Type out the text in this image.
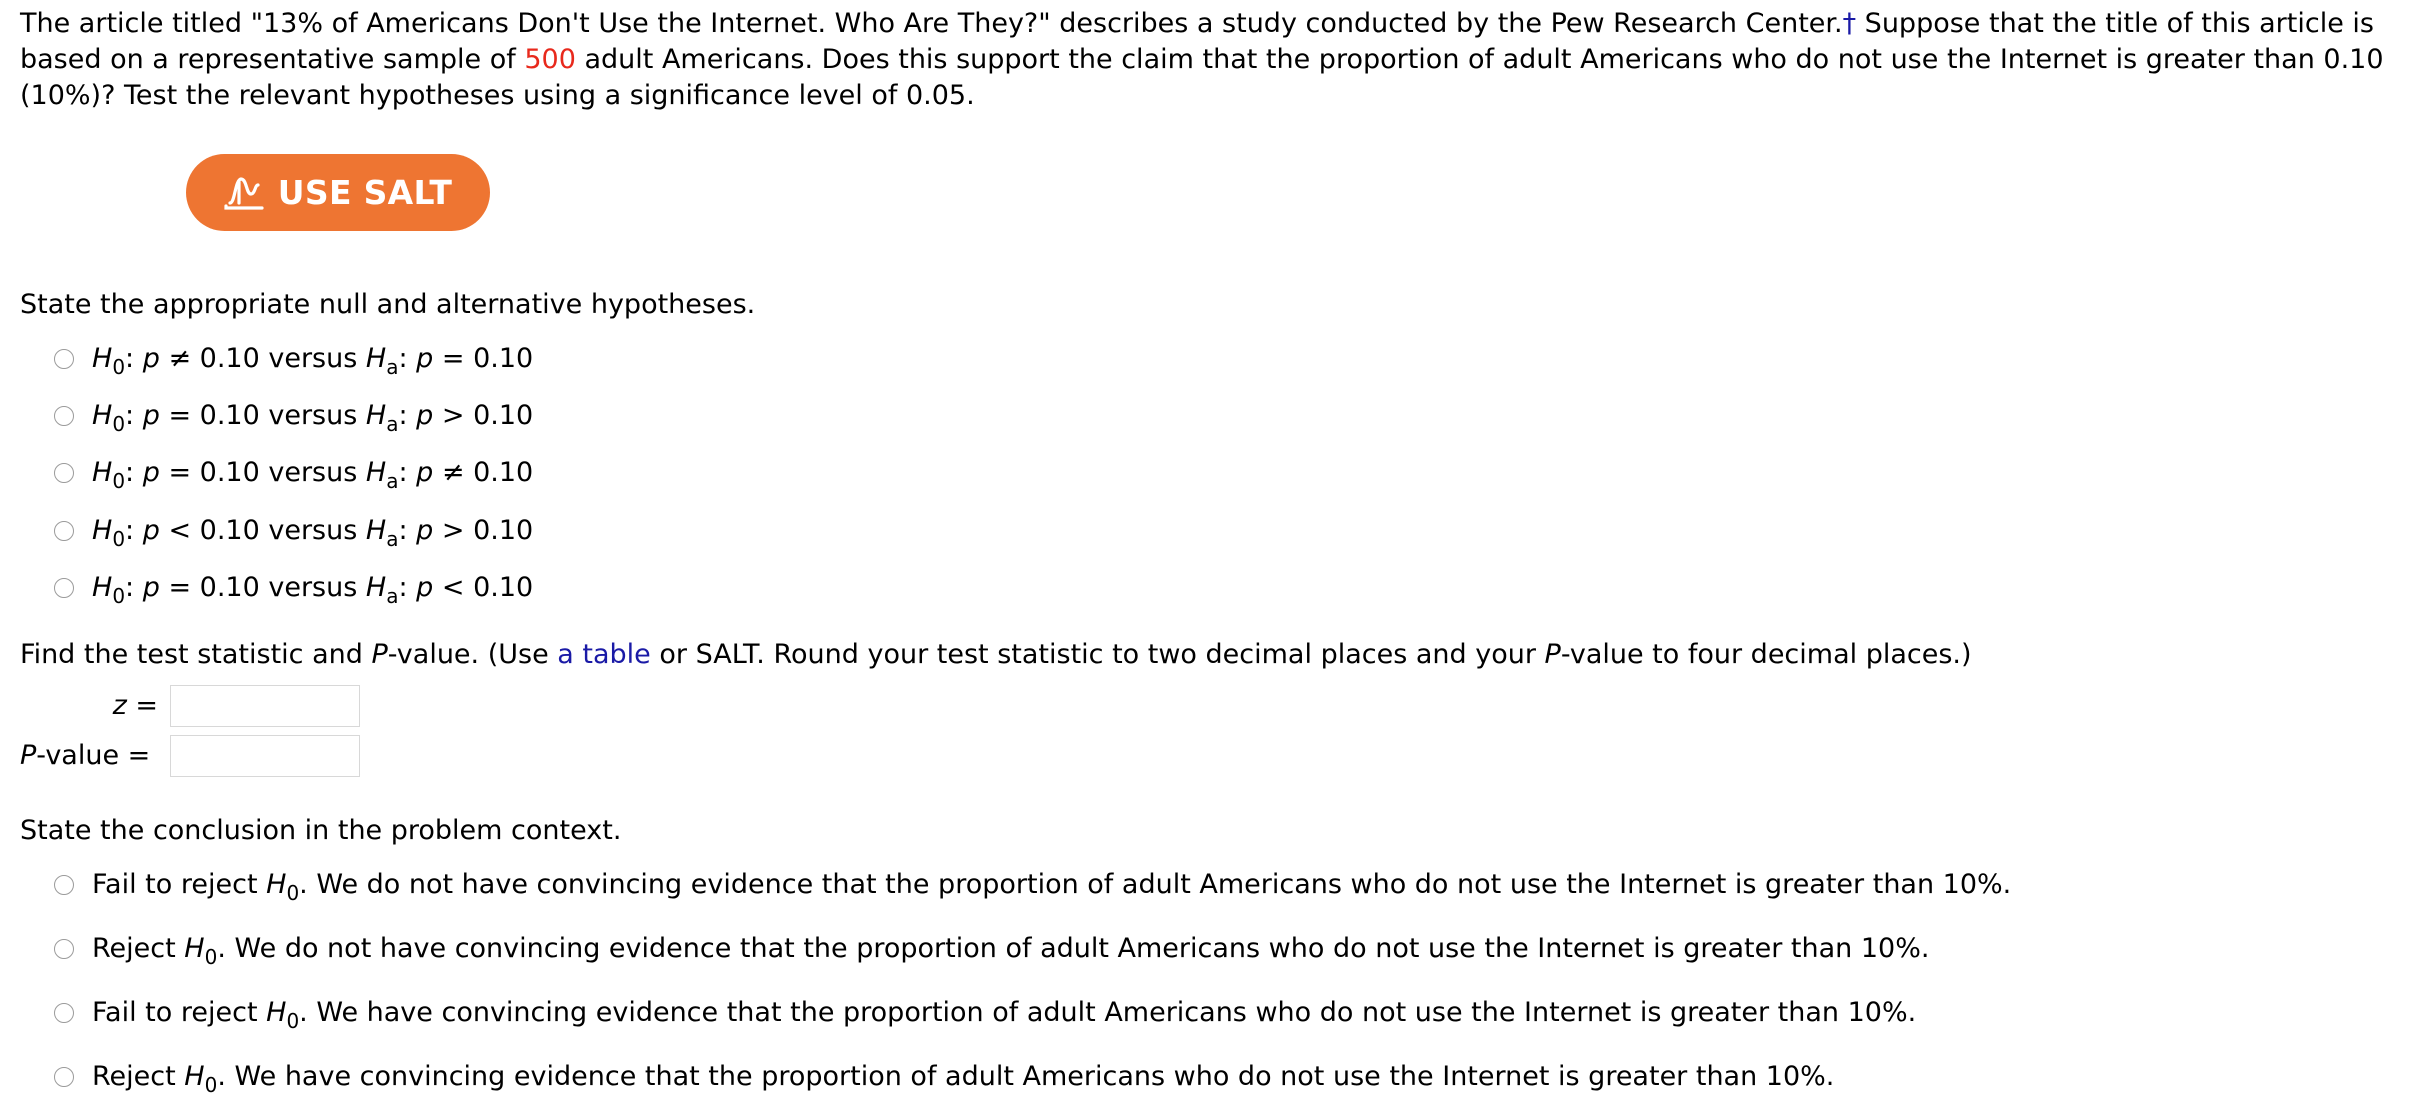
The article titled "13% of Americans Don't Use the Internet. Who Are They?" describes a study conducted by the Pew Research Center.† Suppose that the title of this article is based on a representative sample of 500 adult Americans. Does this support the claim that the proportion of adult Americans who do not use the Internet is greater than 0.10 (10%)? Test the relevant hypotheses using a significance level of 0.05.

USE SALT
State the appropriate null and alternative hypotheses.
$H_0$: p ≠ 0.10 versus $H_a$: p = 0.10
$H_0$: p = 0.10 versus $H_a$: p > 0.10
$H_0$: p = 0.10 versus $H_a$: p ≠ 0.10
$H_0$: p < 0.10 versus $H_a$: p > 0.10
$H_0$: p = 0.10 versus $H_a$: p < 0.10
Find the test statistic and P-value. (Use a table or SALT. Round your test statistic to two decimal places and your P-value to four decimal places.)
z =
P-value =
State the conclusion in the problem context.
Fail to reject $H_0$. We do not have convincing evidence that the proportion of adult Americans who do not use the Internet is greater than 10%.
Reject $H_0$. We do not have convincing evidence that the proportion of adult Americans who do not use the Internet is greater than 10%.
Fail to reject $H_0$. We have convincing evidence that the proportion of adult Americans who do not use the Internet is greater than 10%.
Reject $H_0$. We have convincing evidence that the proportion of adult Americans who do not use the Internet is greater than 10%.
